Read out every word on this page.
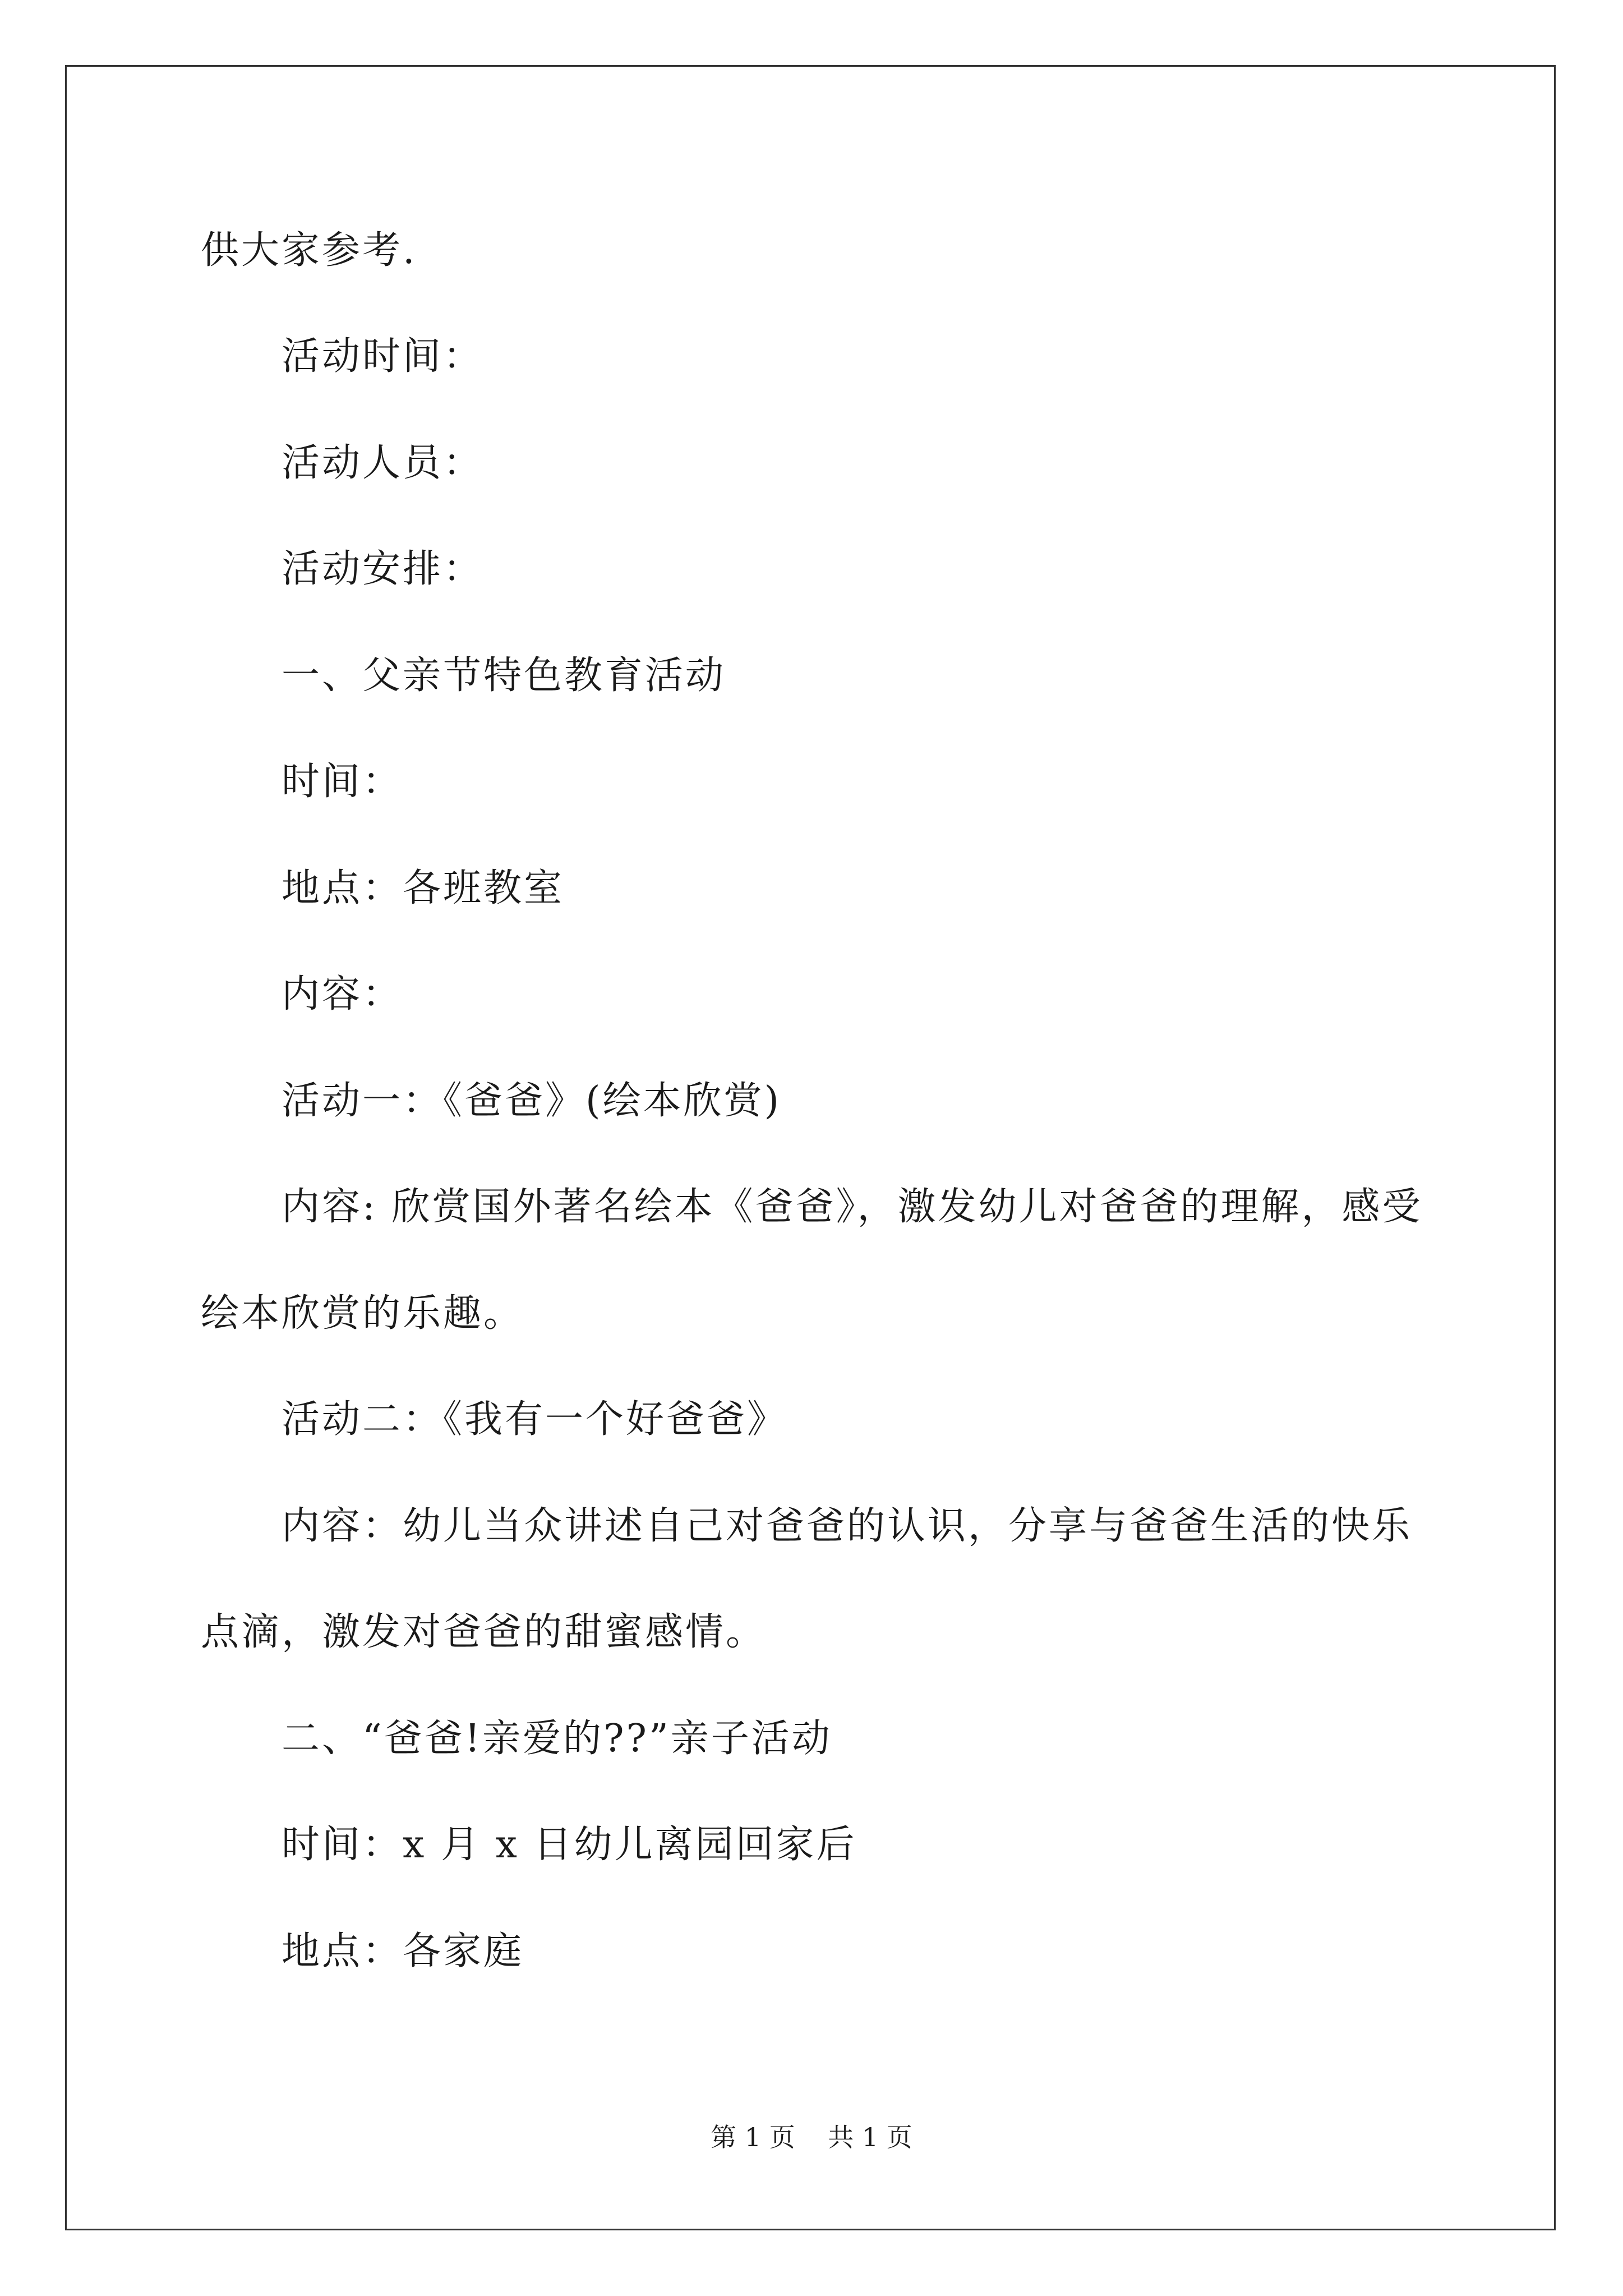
供大家参考.
活动时间：
活动人员：
活动安排：
一、父亲节特色教育活动
时间：
地点：各班教室
内容：
活动一：《爸爸》(绘本欣赏)
内容: 欣赏国外著名绘本《爸爸》，激发幼儿对爸爸的理解，感受
绘本欣赏的乐趣。
活动二：《我有一个好爸爸》
内容：幼儿当众讲述自己对爸爸的认识，分享与爸爸生活的快乐
点滴，激发对爸爸的甜蜜感情。
二、“爸爸!亲爱的??”亲子活动
时间：x 月 x 日幼儿离园回家后
地点：各家庭
第 1 页    共 1 页
